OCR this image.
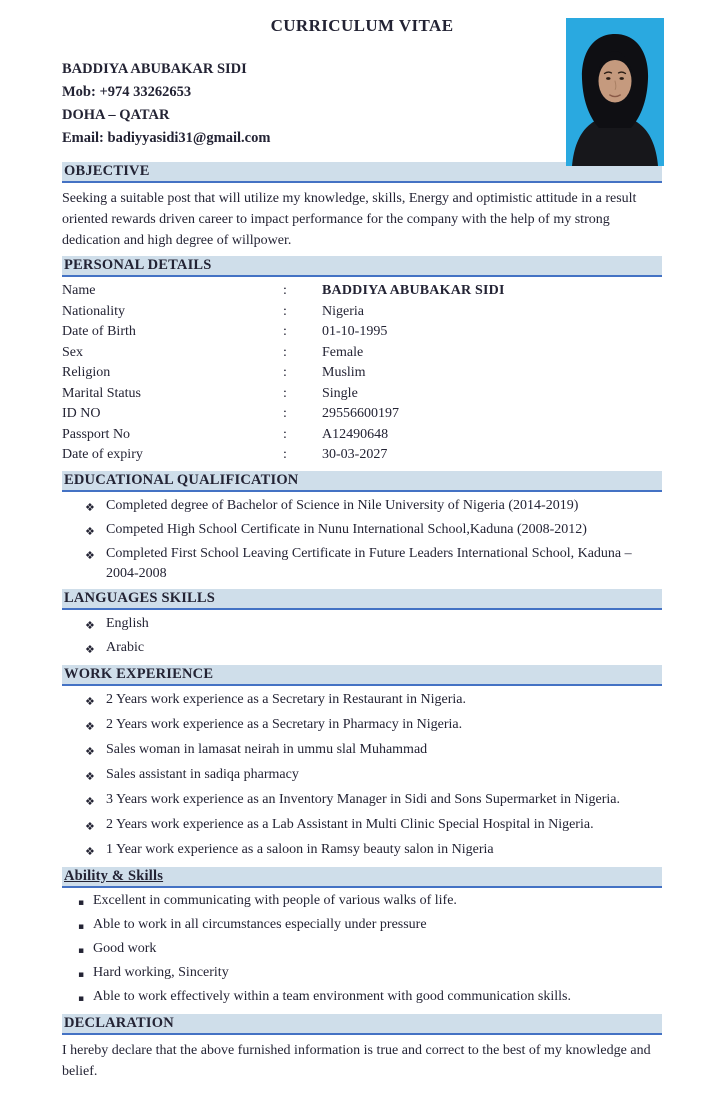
CURRICULUM VITAE

BADDIYA ABUBAKAR SIDI

Mob: +974 33262653

DOHA – QATAR

Email: badiyyasidi31@gmail.com

OBJECTIVE

Seeking a suitable post that will utilize my knowledge, skills, Energy and optimistic attitude in a result oriented rewards driven career to impact performance for the company with the help of my strong dedication and high degree of willpower.

PERSONAL DETAILS
Name	:	BADDIYA ABUBAKAR SIDI
Nationality	:	Nigeria
Date of Birth	:	01-10-1995
Sex	:	Female
Religion	:	Muslim
Marital Status	:	Single
ID NO	:	29556600197
Passport No	:	A12490648
Date of expiry	:	30-03-2027
EDUCATIONAL QUALIFICATION
❖ Completed degree of Bachelor of Science in Nile University of Nigeria (2014-2019)
❖ Competed High School Certificate in Nunu International School,Kaduna (2008-2012)
❖ Completed First School Leaving Certificate in Future Leaders International School, Kaduna – 2004-2008
LANGUAGES SKILLS
❖ English
❖ Arabic
WORK EXPERIENCE
❖ 2 Years work experience as a Secretary in Restaurant in Nigeria.
❖ 2 Years work experience as a Secretary in Pharmacy in Nigeria.
❖ Sales woman in lamasat neirah in ummu slal Muhammad
❖ Sales assistant in sadiqa pharmacy
❖ 3 Years work experience as an Inventory Manager in Sidi and Sons Supermarket in Nigeria.
❖ 2 Years work experience as a Lab Assistant in Multi Clinic Special Hospital in Nigeria.
❖ 1 Year work experience as a saloon in Ramsy beauty salon in Nigeria
Ability & Skills
▪ Excellent in communicating with people of various walks of life.
▪ Able to work in all circumstances especially under pressure
▪ Good work
▪ Hard working, Sincerity
▪ Able to work effectively within a team environment with good communication skills.
DECLARATION

I hereby declare that the above furnished information is true and correct to the best of my knowledge and belief.
